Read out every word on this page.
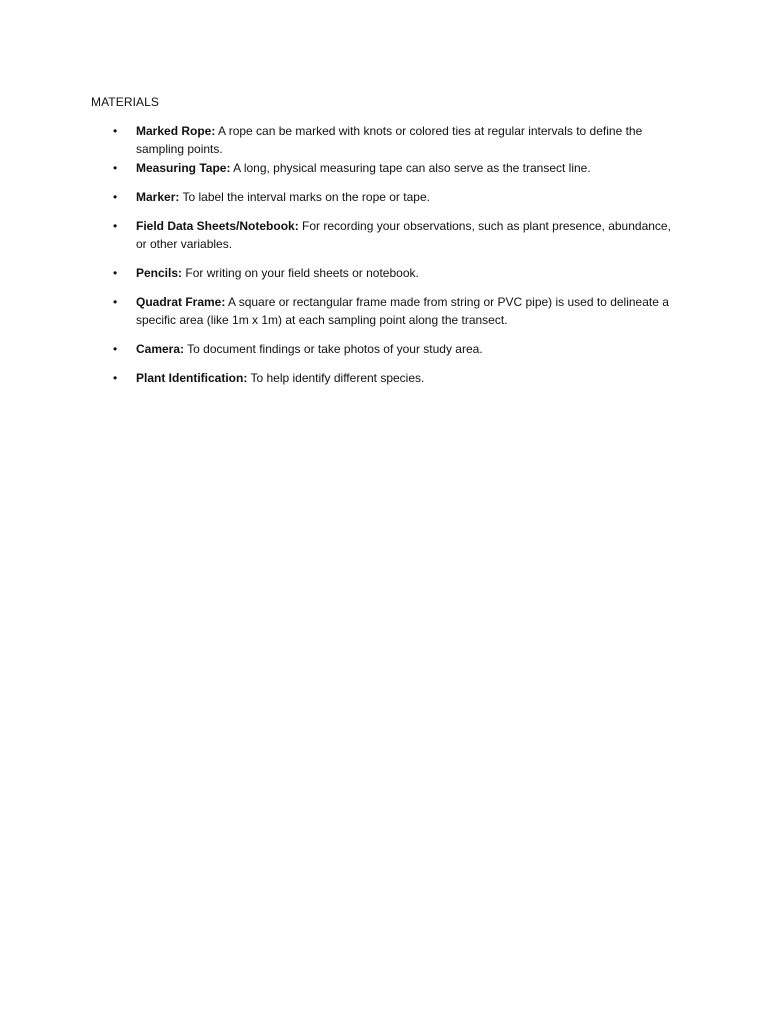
MATERIALS
• Marked Rope: A rope can be marked with knots or colored ties at regular intervals to define the sampling points.
• Measuring Tape: A long, physical measuring tape can also serve as the transect line.
• Marker: To label the interval marks on the rope or tape.
• Field Data Sheets/Notebook: For recording your observations, such as plant presence, abundance, or other variables.
• Pencils: For writing on your field sheets or notebook.
• Quadrat Frame: A square or rectangular frame made from string or PVC pipe) is used to delineate a specific area (like 1m x 1m) at each sampling point along the transect.
• Camera: To document findings or take photos of your study area.
• Plant Identification: To help identify different species.
